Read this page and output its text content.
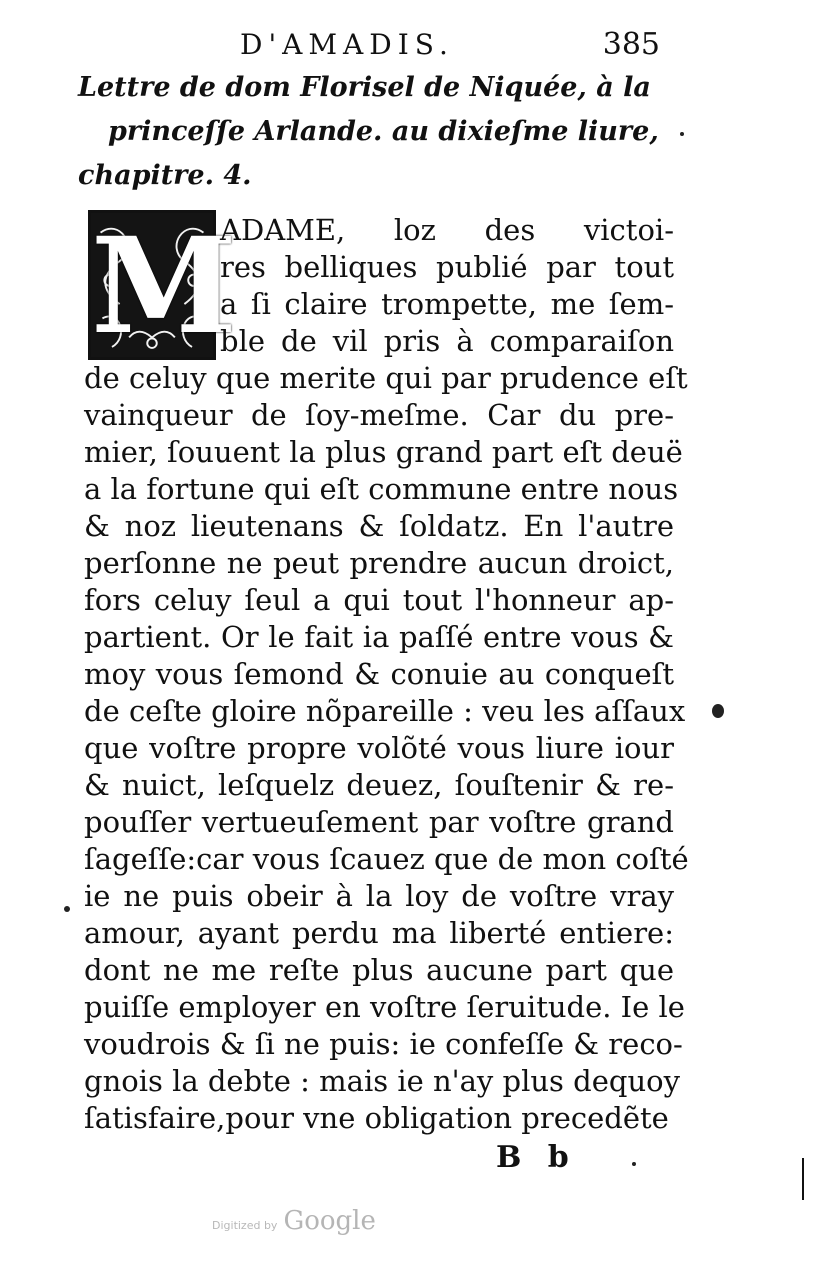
D'AMADIS.	385
Lettre de dom Florisel de Niquée, à la
princeſſe Arlande. au dixieſme liure,
chapitre. 4.
M
ADAME, loz des victoi-
res belliques publié par tout
a ſi claire trompette, me ſem-
ble de vil pris à comparaiſon
de celuy que merite qui par prudence eſt
vainqueur de ſoy-meſme. Car du pre-
mier, ſouuent la plus grand part eſt deuë
a la fortune qui eſt commune entre nous
& noz lieutenans & ſoldatz. En l'autre
perſonne ne peut prendre aucun droict,
fors celuy ſeul a qui tout l'honneur ap-
partient. Or le fait ia paſſé entre vous &
moy vous ſemond & conuie au conqueſt
de ceſte gloire nõpareille : veu les aſſaux
que voſtre propre volõté vous liure iour
& nuict, leſquelz deuez, ſouſtenir & re-
pouſſer vertueuſement par voſtre grand
ſageſſe:car vous ſcauez que de mon coſté
ie ne puis obeir à la loy de voſtre vray
amour, ayant perdu ma liberté entiere:
dont ne me reſte plus aucune part que
puiſſe employer en voſtre ſeruitude. Ie le
voudrois & ſi ne puis: ie confeſſe & reco-
gnois la debte : mais ie n'ay plus dequoy
ſatisfaire,pour vne obligation precedẽte
B b
Digitized by Google
